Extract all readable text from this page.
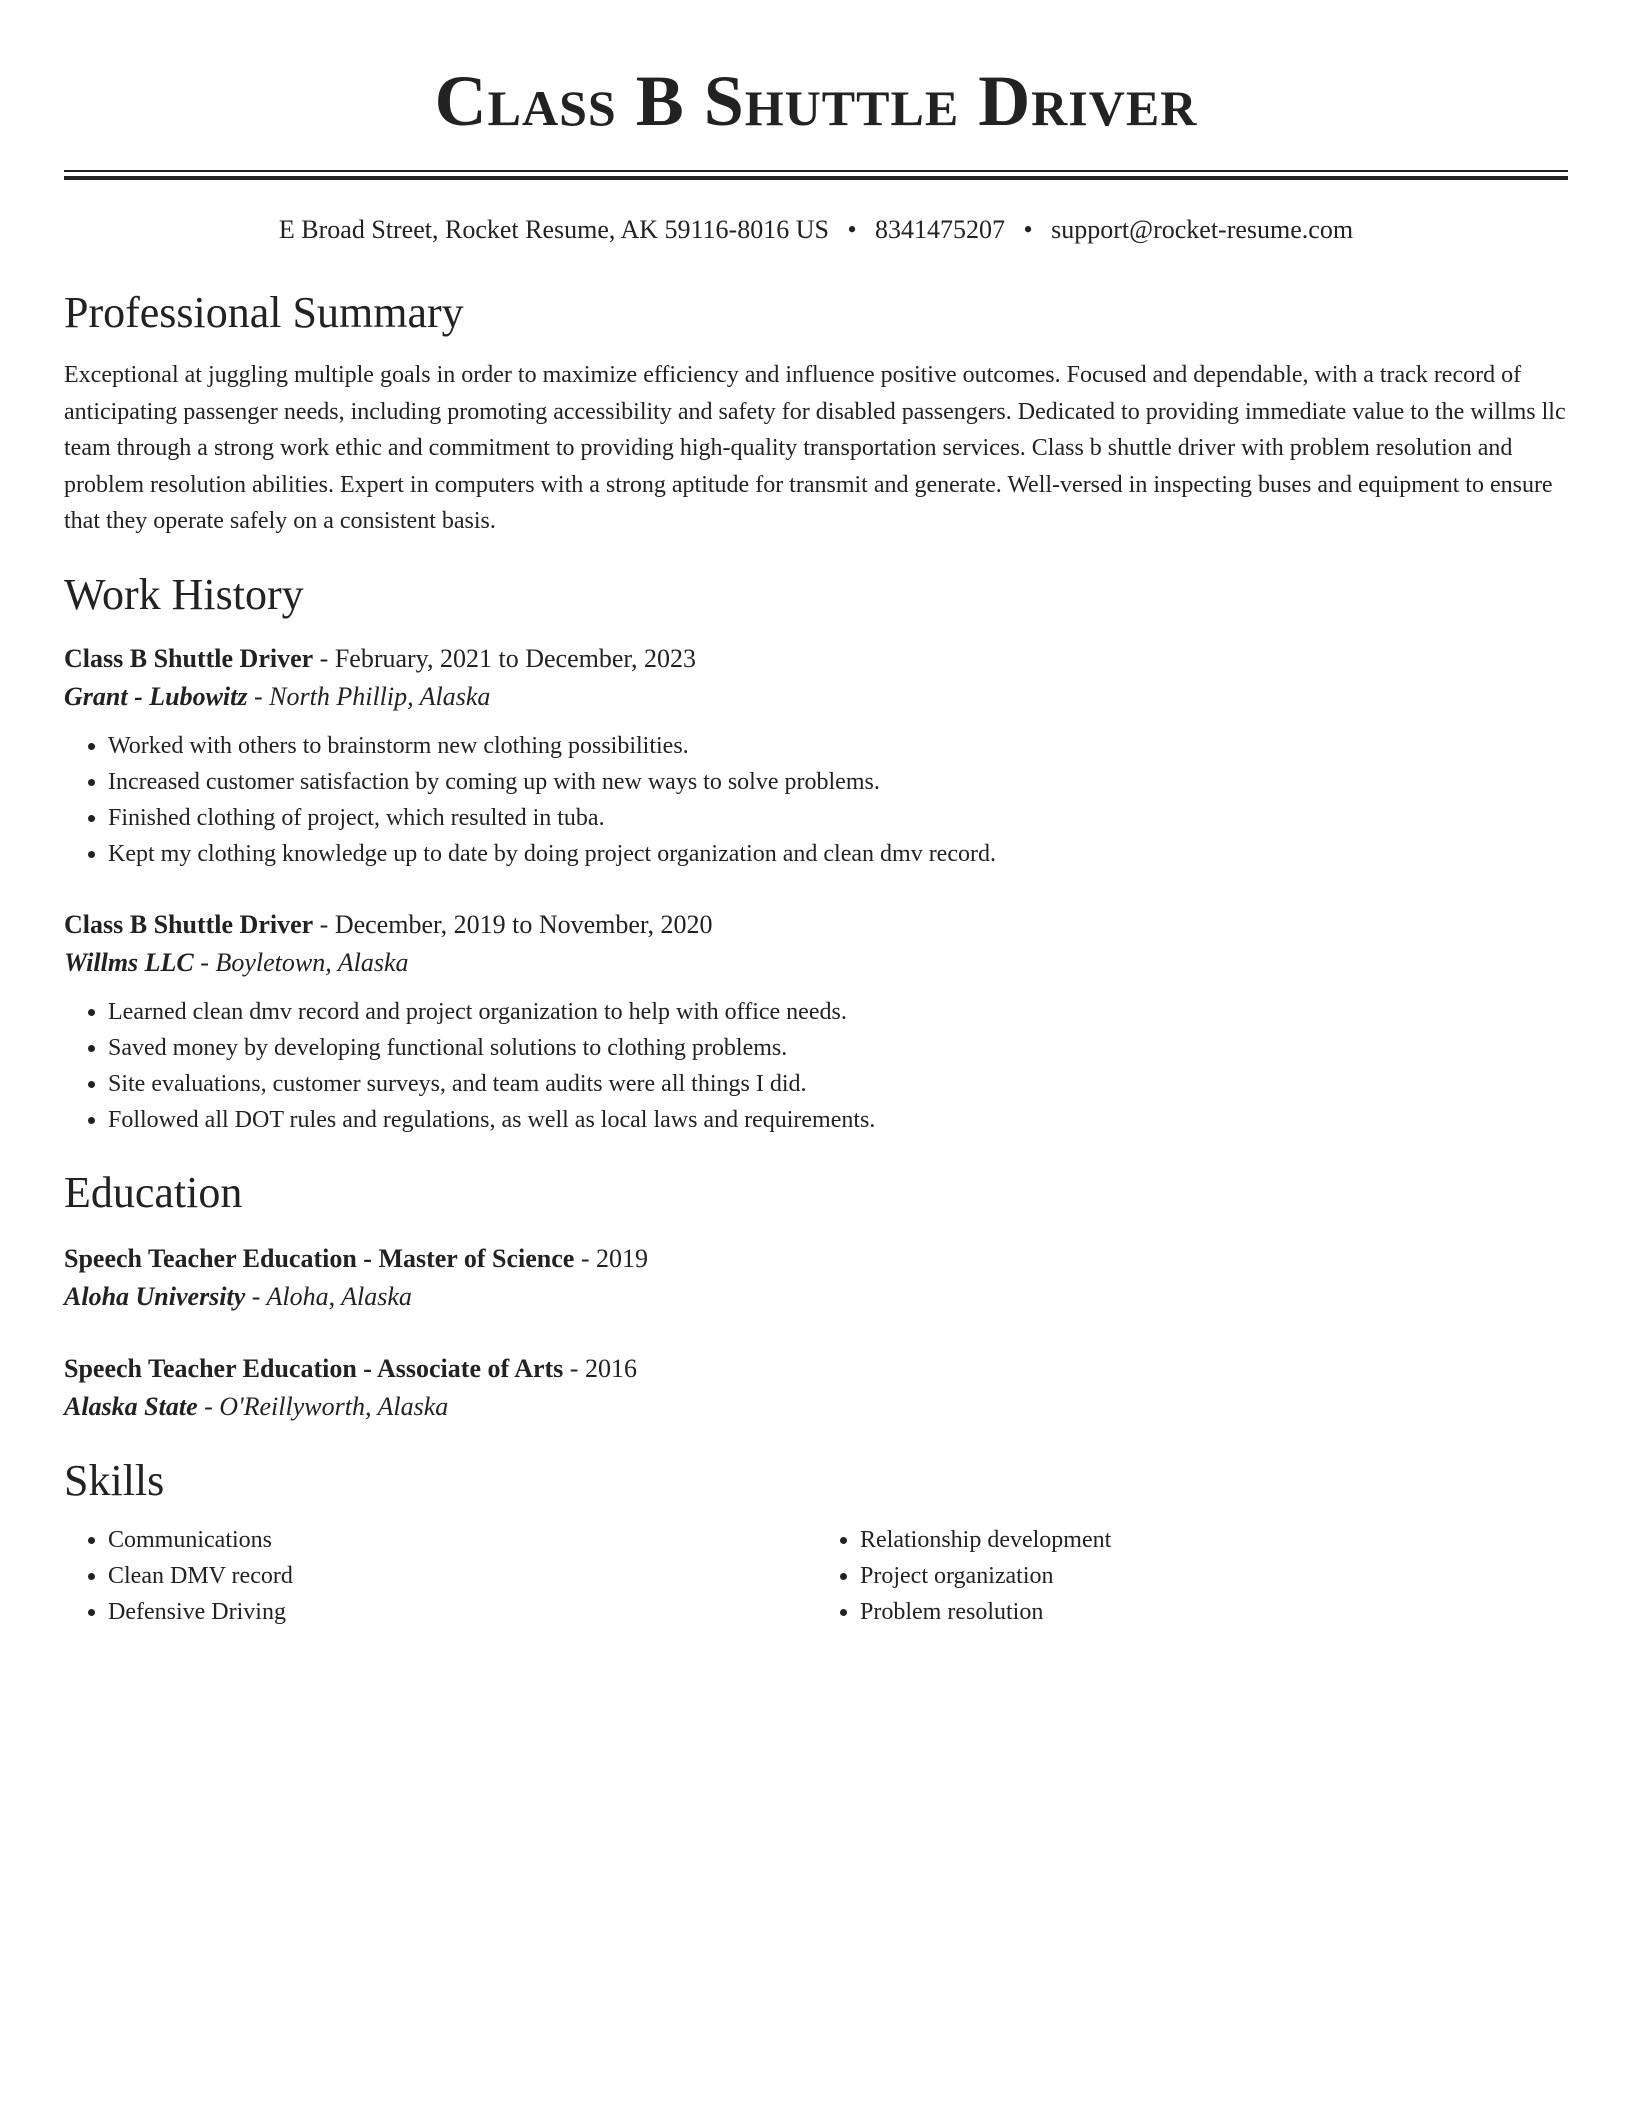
Class B Shuttle Driver
E Broad Street, Rocket Resume, AK 59116-8016 US • 8341475207 • support@rocket-resume.com
Professional Summary

Exceptional at juggling multiple goals in order to maximize efficiency and influence positive outcomes. Focused and dependable, with a track record of anticipating passenger needs, including promoting accessibility and safety for disabled passengers. Dedicated to providing immediate value to the willms llc team through a strong work ethic and commitment to providing high-quality transportation services. Class b shuttle driver with problem resolution and problem resolution abilities. Expert in computers with a strong aptitude for transmit and generate. Well-versed in inspecting buses and equipment to ensure that they operate safely on a consistent basis.

Work History
Class B Shuttle Driver - February, 2021 to December, 2023
Grant - Lubowitz - North Phillip, Alaska
• Worked with others to brainstorm new clothing possibilities.
• Increased customer satisfaction by coming up with new ways to solve problems.
• Finished clothing of project, which resulted in tuba.
• Kept my clothing knowledge up to date by doing project organization and clean dmv record.
Class B Shuttle Driver - December, 2019 to November, 2020
Willms LLC - Boyletown, Alaska
• Learned clean dmv record and project organization to help with office needs.
• Saved money by developing functional solutions to clothing problems.
• Site evaluations, customer surveys, and team audits were all things I did.
• Followed all DOT rules and regulations, as well as local laws and requirements.
Education
Speech Teacher Education - Master of Science - 2019
Aloha University - Aloha, Alaska
Speech Teacher Education - Associate of Arts - 2016
Alaska State - O'Reillyworth, Alaska
Skills
• Communications
• Clean DMV record
• Defensive Driving
• Relationship development
• Project organization
• Problem resolution
